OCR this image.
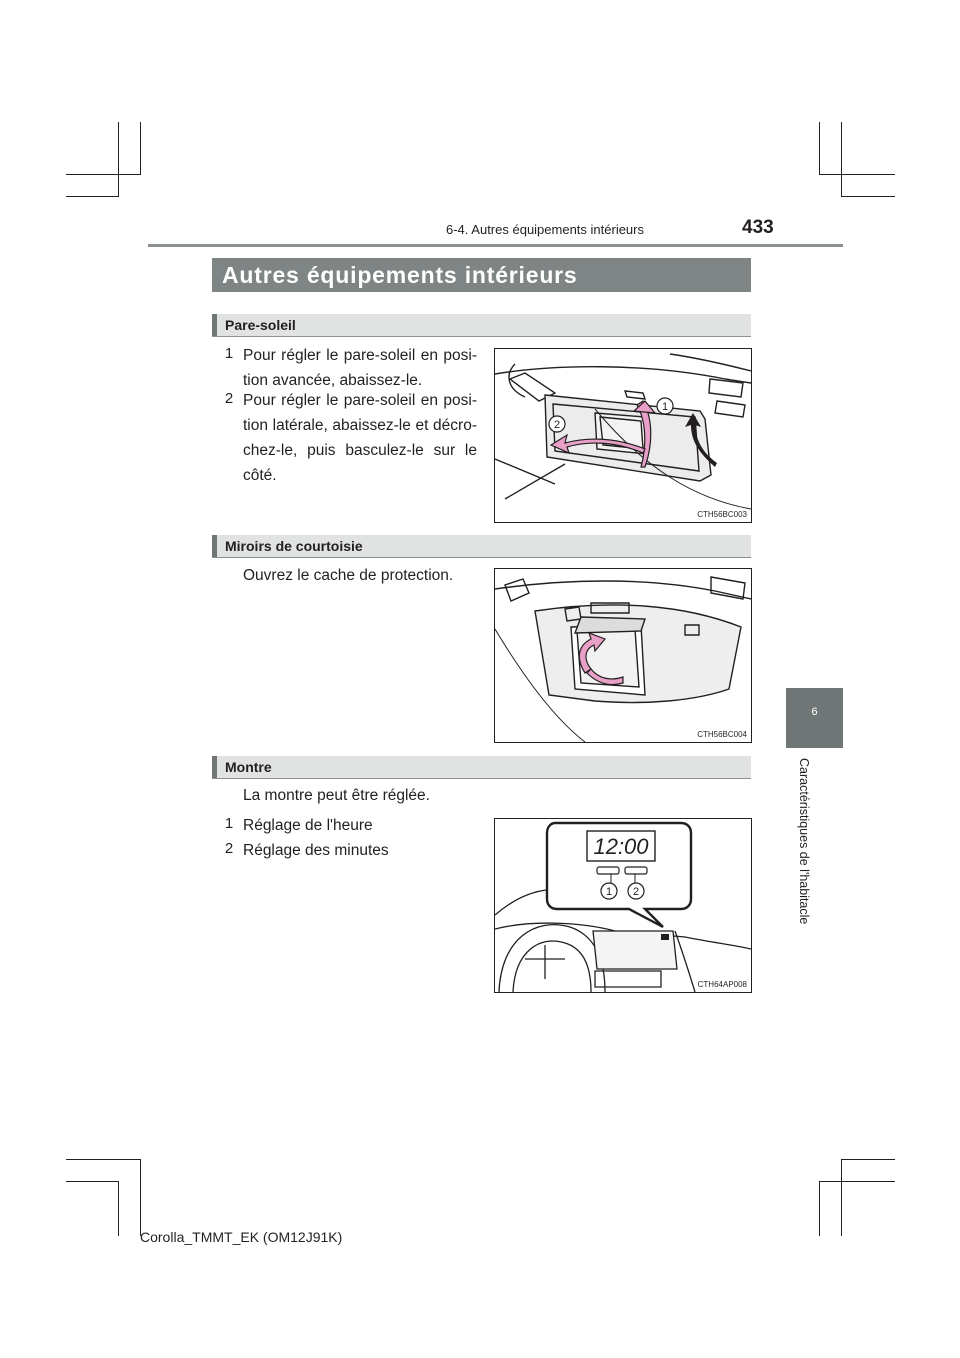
6-4. Autres équipements intérieurs	433
6
Caractéristiques de l'habitacle
Autres équipements intérieurs
Pare-soleil
1 Pour régler le pare-soleil en posi-
tion avancée, abaissez-le.
2 Pour régler le pare-soleil en posi-
tion latérale, abaissez-le et décro-
chez-le, puis basculez-le sur le
côté.
1
2
CTH56BC003
Miroirs de courtoisie
Ouvrez le cache de protection.
CTH56BC004
Montre
La montre peut être réglée.
1 Réglage de l'heure
2 Réglage des minutes	12:00
1 2
CTH64AP008
Corolla_TMMT_EK (OM12J91K)
